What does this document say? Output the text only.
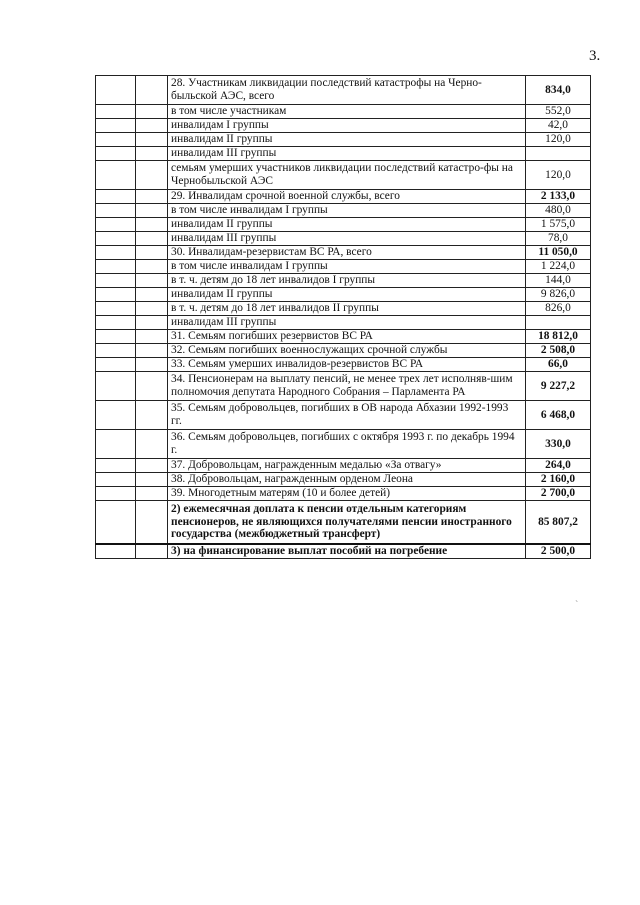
3.
		28. Участникам ликвидации последствий катастрофы на Черно-быльской АЭС, всего	834,0
		в том числе участникам	552,0
		инвалидам I группы	42,0
		инвалидам II группы	120,0
		инвалидам III группы	
		семьям умерших участников ликвидации последствий катастро-фы на Чернобыльской АЭС	120,0
		29. Инвалидам срочной военной службы, всего	2 133,0
		в том числе инвалидам I группы	480,0
		инвалидам II группы	1 575,0
		инвалидам III группы	78,0
		30. Инвалидам-резервистам ВС РА, всего	11 050,0
		в том числе инвалидам I группы	1 224,0
		в т. ч. детям до 18 лет инвалидов I группы	144,0
		инвалидам II группы	9 826,0
		в т. ч. детям до 18 лет инвалидов II группы	826,0
		инвалидам III группы	
		31. Семьям погибших резервистов ВС РА	18 812,0
		32. Семьям погибших военнослужащих срочной службы	2 508,0
		33. Семьям умерших инвалидов-резервистов ВС РА	66,0
		34. Пенсионерам на выплату пенсий, не менее трех лет исполняв-шим полномочия депутата Народного Собрания – Парламента РА	9 227,2
		35. Семьям добровольцев, погибших в ОВ народа Абхазии 1992-1993 гг.	6 468,0
		36. Семьям добровольцев, погибших с октября 1993 г. по декабрь 1994 г.	330,0
		37. Добровольцам, награжденным медалью «За отвагу»	264,0
		38. Добровольцам, награжденным орденом Леона	2 160,0
		39. Многодетным матерям (10 и более детей)	2 700,0
		2) ежемесячная доплата к пенсии отдельным категориям пенсионеров, не являющихся получателями пенсии иностранного государства (межбюджетный трансферт)	85 807,2
		3) на финансирование выплат пособий на погребение	2 500,0
`
